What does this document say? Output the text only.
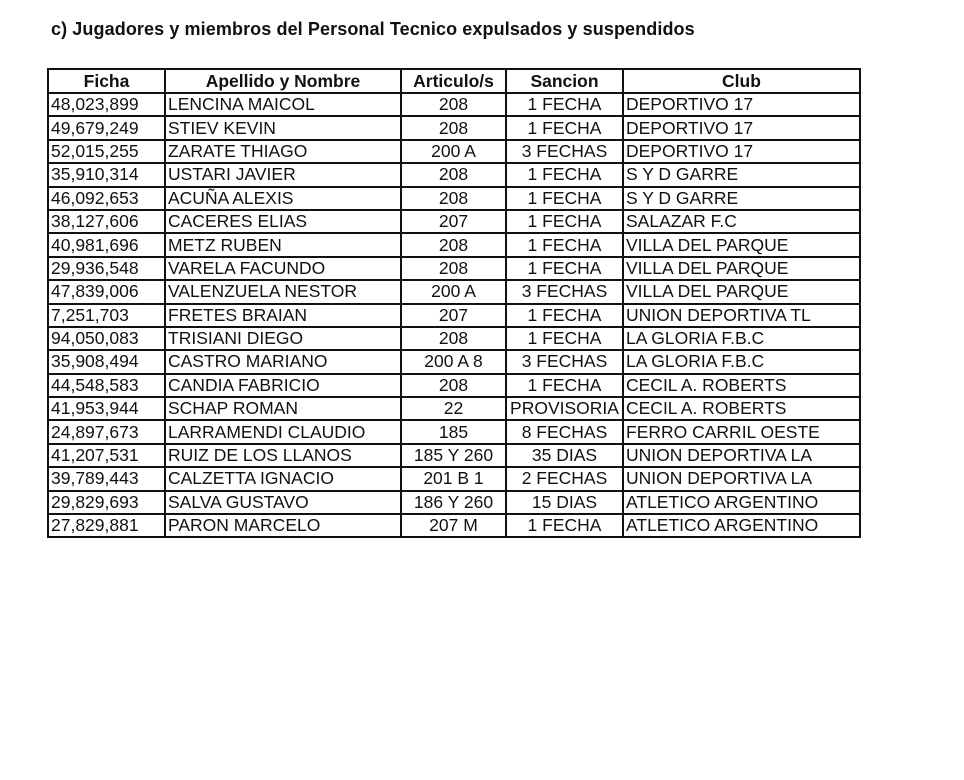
c) Jugadores y miembros del Personal Tecnico expulsados y suspendidos
Ficha	Apellido y Nombre	Articulo/s	Sancion	Club
48,023,899	LENCINA MAICOL	208	1 FECHA	DEPORTIVO 17
49,679,249	STIEV KEVIN	208	1 FECHA	DEPORTIVO 17
52,015,255	ZARATE THIAGO	200 A	3 FECHAS	DEPORTIVO 17
35,910,314	USTARI JAVIER	208	1 FECHA	S Y D GARRE
46,092,653	ACUÑA ALEXIS	208	1 FECHA	S Y D GARRE
38,127,606	CACERES ELIAS	207	1 FECHA	SALAZAR F.C
40,981,696	METZ RUBEN	208	1 FECHA	VILLA DEL PARQUE
29,936,548	VARELA FACUNDO	208	1 FECHA	VILLA DEL PARQUE
47,839,006	VALENZUELA NESTOR	200 A	3 FECHAS	VILLA DEL PARQUE
7,251,703	FRETES BRAIAN	207	1 FECHA	UNION DEPORTIVA TL
94,050,083	TRISIANI DIEGO	208	1 FECHA	LA GLORIA F.B.C
35,908,494	CASTRO MARIANO	200 A 8	3 FECHAS	LA GLORIA F.B.C
44,548,583	CANDIA FABRICIO	208	1 FECHA	CECIL A. ROBERTS
41,953,944	SCHAP ROMAN	22	PROVISORIA	CECIL A. ROBERTS
24,897,673	LARRAMENDI CLAUDIO	185	8 FECHAS	FERRO CARRIL OESTE
41,207,531	RUIZ DE LOS LLANOS	185 Y 260	35 DIAS	UNION DEPORTIVA LA
39,789,443	CALZETTA IGNACIO	201 B 1	2 FECHAS	UNION DEPORTIVA LA
29,829,693	SALVA GUSTAVO	186 Y 260	15 DIAS	ATLETICO ARGENTINO
27,829,881	PARON MARCELO	207 M	1 FECHA	ATLETICO ARGENTINO
